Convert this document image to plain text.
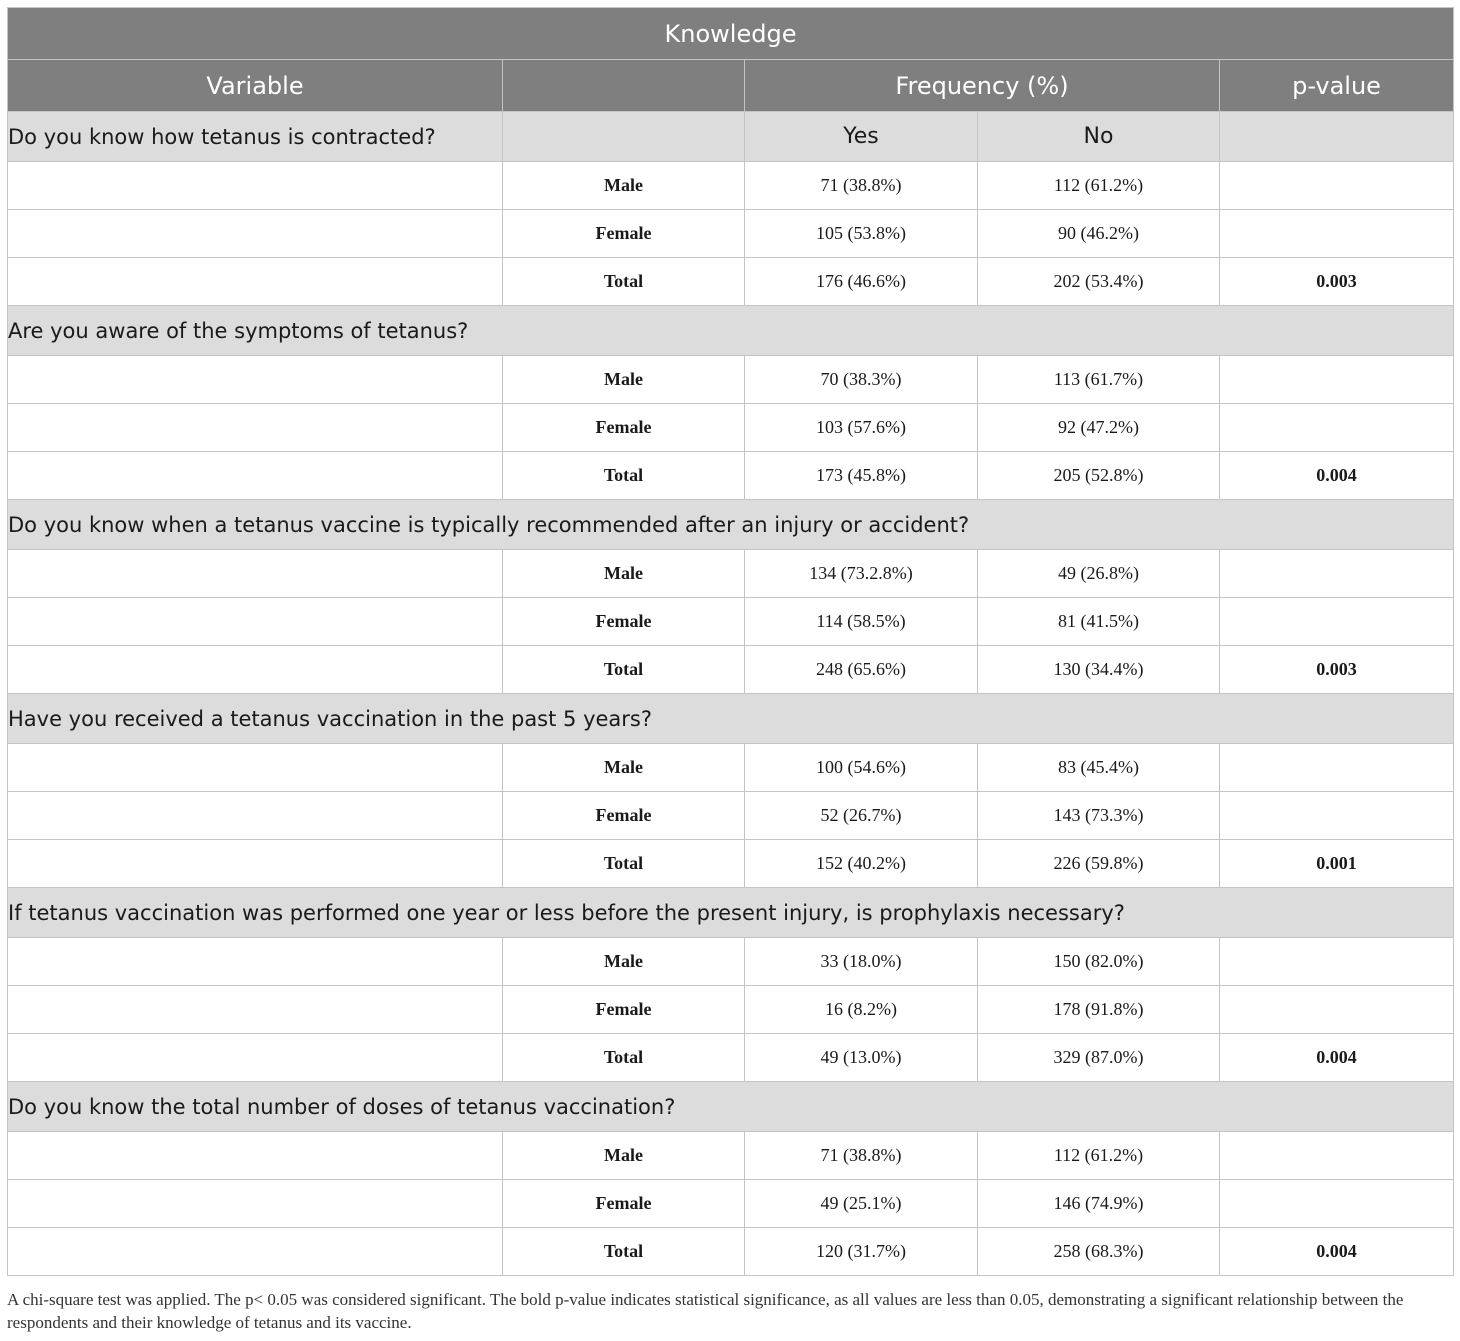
Knowledge				
Variable		Frequency (%)		p-value
Do you know how tetanus is contracted?		Yes	No	
	Male	71 (38.8%)	112 (61.2%)	
	Female	105 (53.8%)	90 (46.2%)	
	Total	176 (46.6%)	202 (53.4%)	0.003
Are you aware of the symptoms of tetanus?				
	Male	70 (38.3%)	113 (61.7%)	
	Female	103 (57.6%)	92 (47.2%)	
	Total	173 (45.8%)	205 (52.8%)	0.004
Do you know when a tetanus vaccine is typically recommended after an injury or accident?				
	Male	134 (73.2.8%)	49 (26.8%)	
	Female	114 (58.5%)	81 (41.5%)	
	Total	248 (65.6%)	130 (34.4%)	0.003
Have you received a tetanus vaccination in the past 5 years?				
	Male	100 (54.6%)	83 (45.4%)	
	Female	52 (26.7%)	143 (73.3%)	
	Total	152 (40.2%)	226 (59.8%)	0.001
If tetanus vaccination was performed one year or less before the present injury, is prophylaxis necessary?				
	Male	33 (18.0%)	150 (82.0%)	
	Female	16 (8.2%)	178 (91.8%)	
	Total	49 (13.0%)	329 (87.0%)	0.004
Do you know the total number of doses of tetanus vaccination?				
	Male	71 (38.8%)	112 (61.2%)	
	Female	49 (25.1%)	146 (74.9%)	
	Total	120 (31.7%)	258 (68.3%)	0.004
A chi-square test was applied. The p< 0.05 was considered significant. The bold p-value indicates statistical significance, as all values are less than 0.05, demonstrating a significant relationship between the respondents and their knowledge of tetanus and its vaccine.
